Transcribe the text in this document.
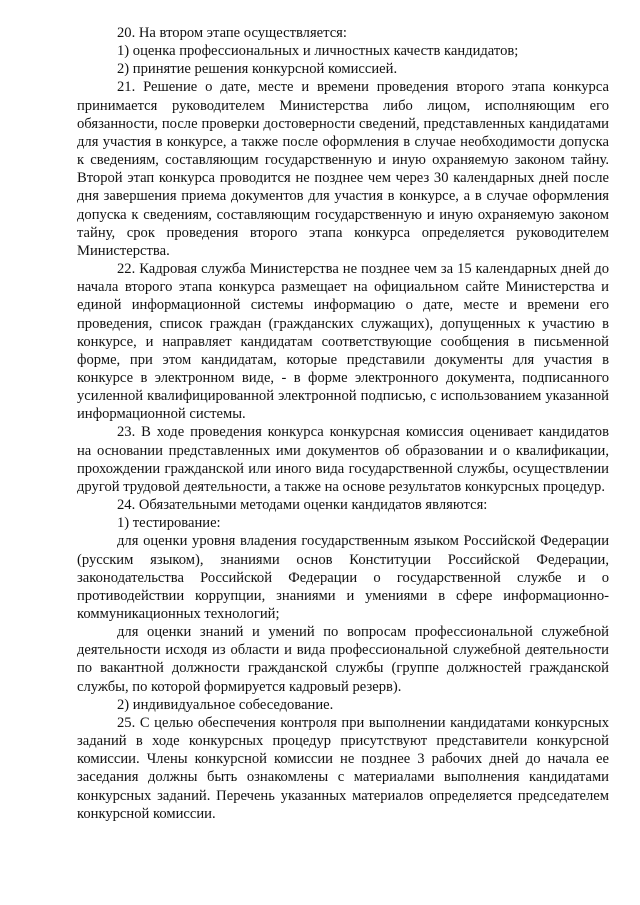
20. На втором этапе осуществляется:

1) оценка профессиональных и личностных качеств кандидатов;

2) принятие решения конкурсной комиссией.

21. Решение о дате, месте и времени проведения второго этапа конкурса принимается руководителем Министерства либо лицом, исполняющим его обязанности, после проверки достоверности сведений, представленных кандидатами для участия в конкурсе, а также после оформления в случае необходимости допуска к сведениям, составляющим государственную и иную охраняемую законом тайну. Второй этап конкурса проводится не позднее чем через 30 календарных дней после дня завершения приема документов для участия в конкурсе, а в случае оформления допуска к сведениям, составляющим государственную и иную охраняемую законом тайну, срок проведения второго этапа конкурса определяется руководителем Министерства.

22. Кадровая служба Министерства не позднее чем за 15 календарных дней до начала второго этапа конкурса размещает на официальном сайте Министерства и единой информационной системы информацию о дате, месте и времени его проведения, список граждан (гражданских служащих), допущенных к участию в конкурсе, и направляет кандидатам соответствующие сообщения в письменной форме, при этом кандидатам, которые представили документы для участия в конкурсе в электронном виде, - в форме электронного документа, подписанного усиленной квалифицированной электронной подписью, с использованием указанной информационной системы.

23. В ходе проведения конкурса конкурсная комиссия оценивает кандидатов на основании представленных ими документов об образовании и о квалификации, прохождении гражданской или иного вида государственной службы, осуществлении другой трудовой деятельности, а также на основе результатов конкурсных процедур.

24. Обязательными методами оценки кандидатов являются:

1) тестирование:

для оценки уровня владения государственным языком Российской Федерации (русским языком), знаниями основ Конституции Российской Федерации, законодательства Российской Федерации о государственной службе и о противодействии коррупции, знаниями и умениями в сфере информационно-коммуникационных технологий;

для оценки знаний и умений по вопросам профессиональной служебной деятельности исходя из области и вида профессиональной служебной деятельности по вакантной должности гражданской службы (группе должностей гражданской службы, по которой формируется кадровый резерв).

2) индивидуальное собеседование.

25. С целью обеспечения контроля при выполнении кандидатами конкурсных заданий в ходе конкурсных процедур присутствуют представители конкурсной комиссии. Члены конкурсной комиссии не позднее 3 рабочих дней до начала ее заседания должны быть ознакомлены с материалами выполнения кандидатами конкурсных заданий. Перечень указанных материалов определяется председателем конкурсной комиссии.
